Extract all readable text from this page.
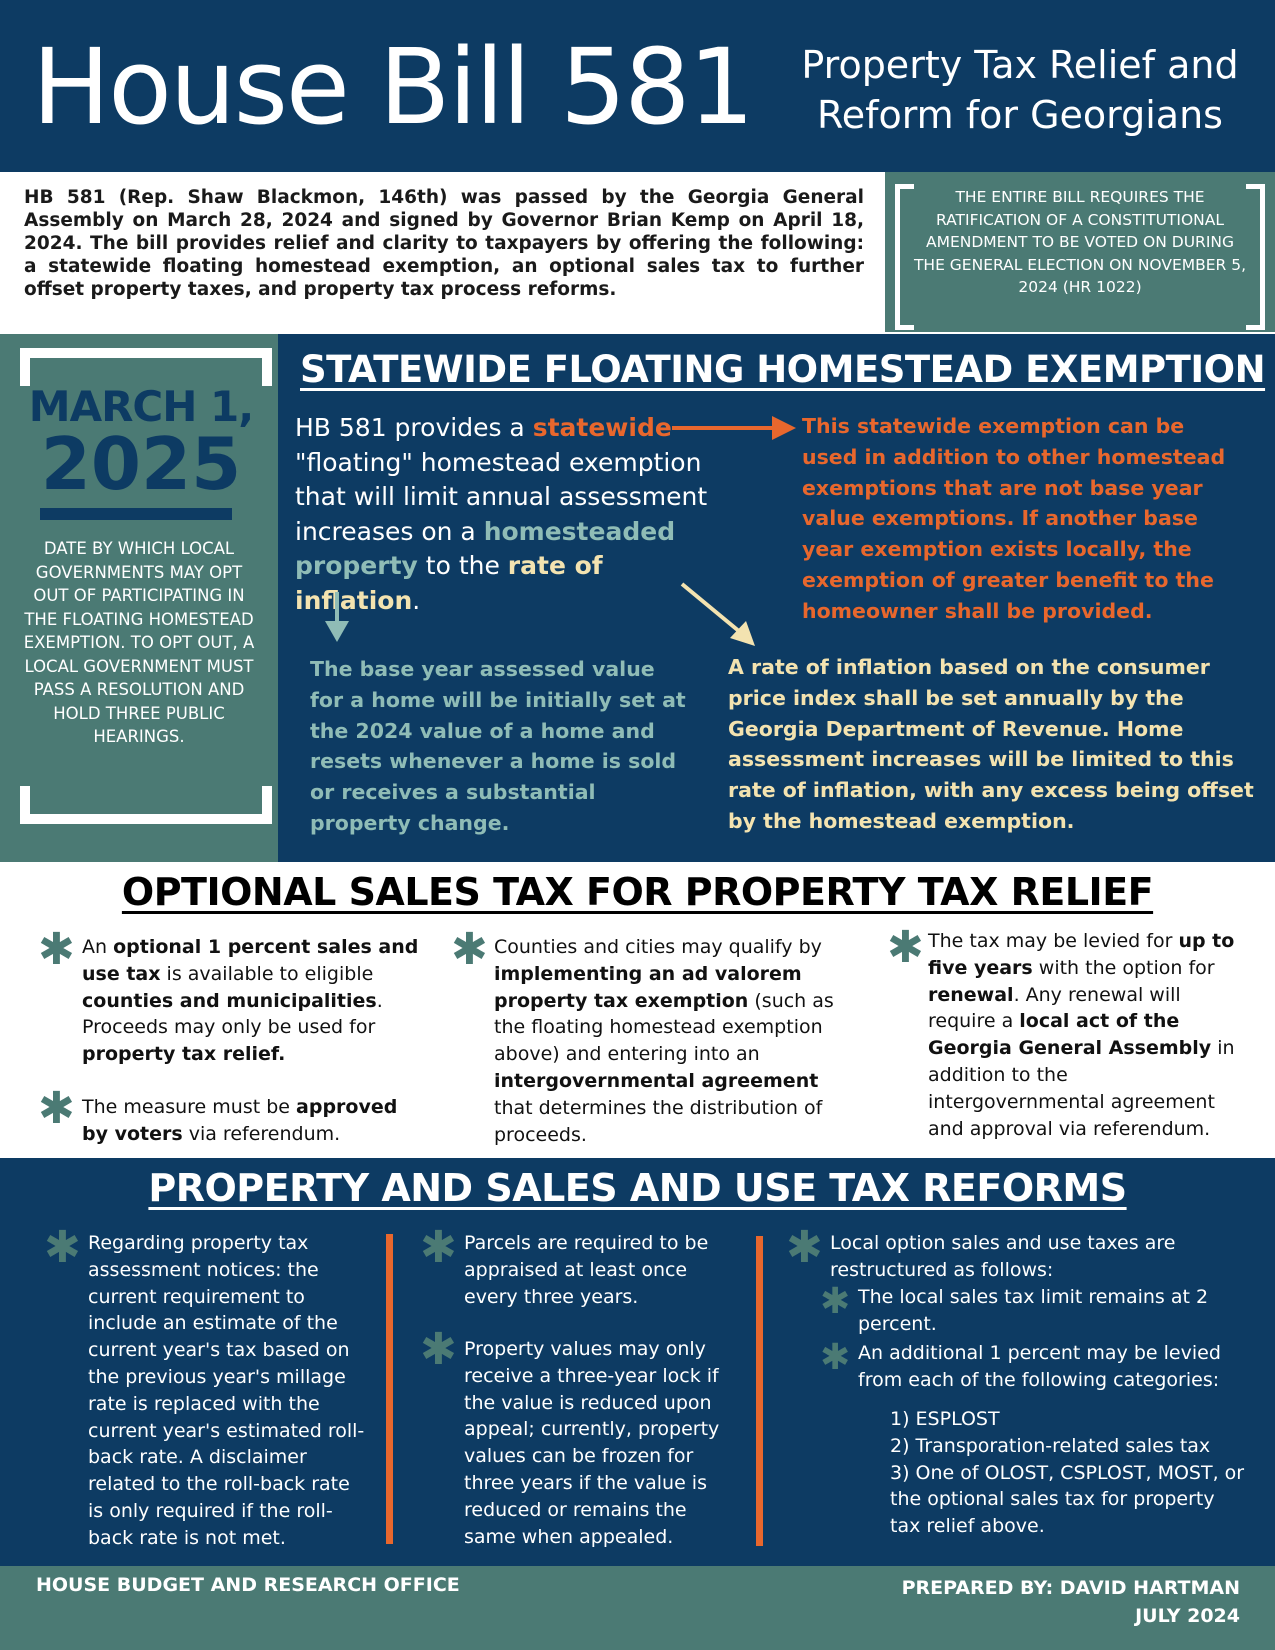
House Bill 581	Property Tax Relief and
Reform for Georgians
HB 581 (Rep. Shaw Blackmon, 146th) was passed by the Georgia General Assembly on March 28, 2024 and signed by Governor Brian Kemp on April 18, 2024. The bill provides relief and clarity to taxpayers by offering the following: a statewide floating homestead exemption, an optional sales tax to further offset property taxes, and property tax process reforms.
THE ENTIRE BILL REQUIRES THE RATIFICATION OF A CONSTITUTIONAL AMENDMENT TO BE VOTED ON DURING THE GENERAL ELECTION ON NOVEMBER 5, 2024 (HR 1022)
MARCH 1,
2025
DATE BY WHICH LOCAL GOVERNMENTS MAY OPT OUT OF PARTICIPATING IN THE FLOATING HOMESTEAD EXEMPTION. TO OPT OUT, A LOCAL GOVERNMENT MUST PASS A RESOLUTION AND HOLD THREE PUBLIC HEARINGS.
STATEWIDE FLOATING HOMESTEAD EXEMPTION
HB 581 provides a statewide "floating" homestead exemption that will limit annual assessment increases on a homesteaded property to the rate of inflation.
This statewide exemption can be used in addition to other homestead exemptions that are not base year value exemptions. If another base year exemption exists locally, the exemption of greater benefit to the homeowner shall be provided.
The base year assessed value for a home will be initially set at the 2024 value of a home and resets whenever a home is sold or receives a substantial property change.
A rate of inflation based on the consumer price index shall be set annually by the Georgia Department of Revenue. Home assessment increases will be limited to this rate of inflation, with any excess being offset by the homestead exemption.
OPTIONAL SALES TAX FOR PROPERTY TAX RELIEF
✱ An optional 1 percent sales and use tax is available to eligible counties and municipalities. Proceeds may only be used for property tax relief.
✱ The measure must be approved by voters via referendum.
✱ Counties and cities may qualify by implementing an ad valorem property tax exemption (such as the floating homestead exemption above) and entering into an intergovernmental agreement that determines the distribution of proceeds.
✱ The tax may be levied for up to five years with the option for renewal. Any renewal will require a local act of the Georgia General Assembly in addition to the intergovernmental agreement and approval via referendum.
PROPERTY AND SALES AND USE TAX REFORMS
✱ Regarding property tax assessment notices: the current requirement to include an estimate of the current year's tax based on the previous year's millage rate is replaced with the current year's estimated roll-back rate. A disclaimer related to the roll-back rate is only required if the roll-back rate is not met.
✱ Parcels are required to be appraised at least once every three years.
✱ Property values may only receive a three-year lock if the value is reduced upon appeal; currently, property values can be frozen for three years if the value is reduced or remains the same when appealed.
✱ Local option sales and use taxes are restructured as follows:
✱ The local sales tax limit remains at 2 percent.
✱ An additional 1 percent may be levied from each of the following categories:
1) ESPLOST
2) Transporation-related sales tax
3) One of OLOST, CSPLOST, MOST, or the optional sales tax for property tax relief above.
HOUSE BUDGET AND RESEARCH OFFICE	PREPARED BY: DAVID HARTMAN
JULY 2024
